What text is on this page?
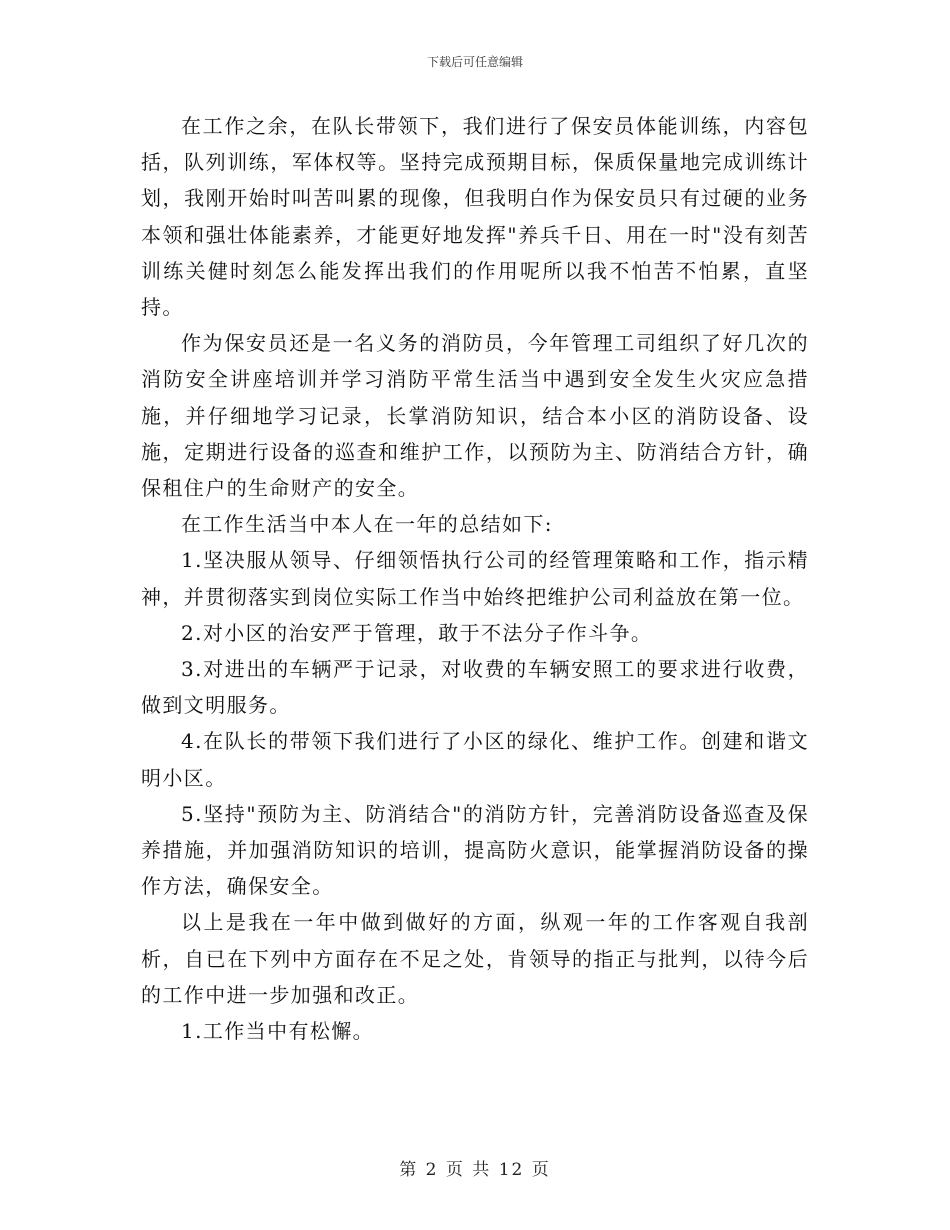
下载后可任意编辑

在工作之余，在队长带领下，我们进行了保安员体能训练，内容包括，队列训练，军体权等。坚持完成预期目标，保质保量地完成训练计划，我刚开始时叫苦叫累的现像，但我明白作为保安员只有过硬的业务本领和强壮体能素养，才能更好地发挥"养兵千日、用在一时"没有刻苦训练关健时刻怎么能发挥出我们的作用呢所以我不怕苦不怕累，直坚持。

作为保安员还是一名义务的消防员，今年管理工司组织了好几次的消防安全讲座培训并学习消防平常生活当中遇到安全发生火灾应急措施，并仔细地学习记录，长掌消防知识，结合本小区的消防设备、设施，定期进行设备的巡查和维护工作，以预防为主、防消结合方针，确保租住户的生命财产的安全。

在工作生活当中本人在一年的总结如下:

1.坚决服从领导、仔细领悟执行公司的经管理策略和工作，指示精神，并贯彻落实到岗位实际工作当中始终把维护公司利益放在第一位。

2.对小区的治安严于管理，敢于不法分子作斗争。

3.对进出的车辆严于记录，对收费的车辆安照工的要求进行收费，做到文明服务。

4.在队长的带领下我们进行了小区的绿化、维护工作。创建和谐文明小区。

5.坚持"预防为主、防消结合"的消防方针，完善消防设备巡查及保养措施，并加强消防知识的培训，提高防火意识，能掌握消防设备的操作方法，确保安全。

以上是我在一年中做到做好的方面，纵观一年的工作客观自我剖析，自已在下列中方面存在不足之处，肯领导的指正与批判，以待今后的工作中进一步加强和改正。

1.工作当中有松懈。

第 2 页 共 12 页
